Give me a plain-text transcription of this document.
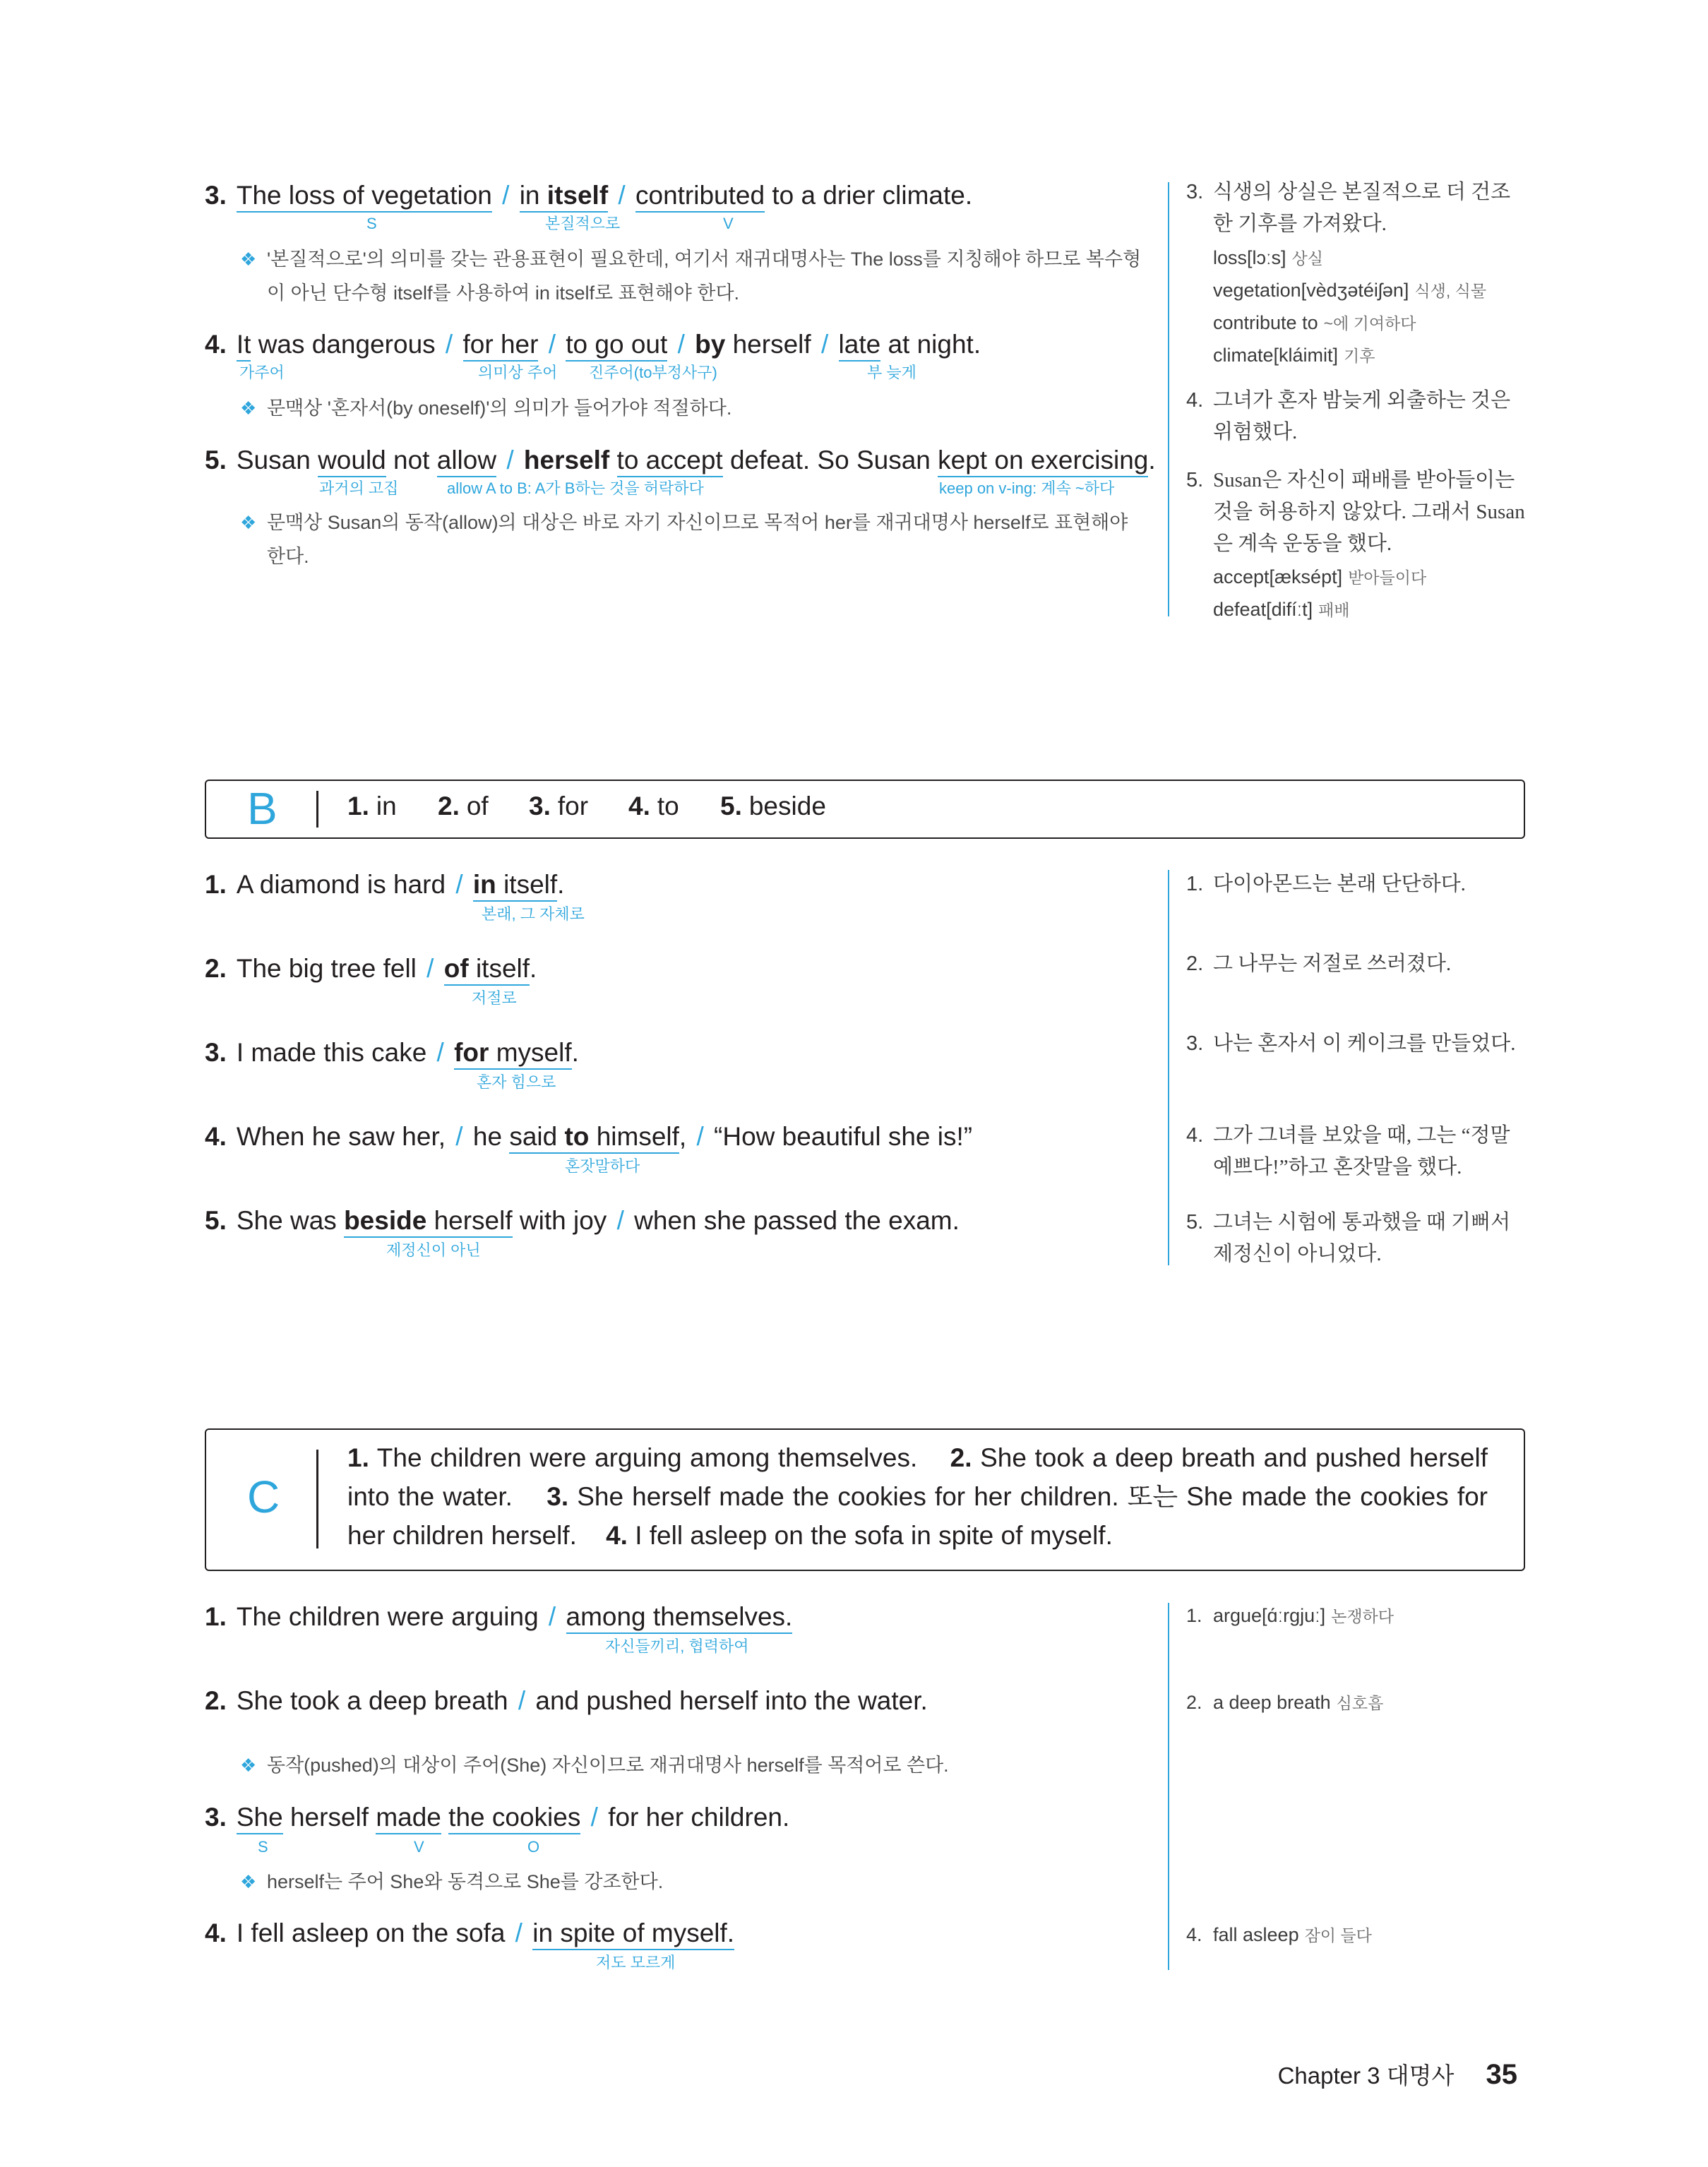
3. The loss of vegetation / in itself / contributed to a drier climate.
S	본질적으로	V
❖ '본질적으로'의 의미를 갖는 관용표현이 필요한데, 여기서 재귀대명사는 The loss를 지칭해야 하므로 복수형이 아닌 단수형 itself를 사용하여 in itself로 표현해야 한다.
4. It was dangerous / for her / to go out / by herself / late at night.
가주어	의미상 주어 진주어(to부정사구)	부 늦게
❖ 문맥상 '혼자서(by oneself)'의 의미가 들어가야 적절하다.
5. Susan would not allow / herself to accept defeat. So Susan kept on exercising.
과거의 고집	allow A to B: A가 B하는 것을 허락하다	keep on v-ing: 계속 ~하다
❖ 문맥상 Susan의 동작(allow)의 대상은 바로 자기 자신이므로 목적어 her를 재귀대명사 herself로 표현해야 한다.
3. 식생의 상실은 본질적으로 더 건조한 기후를 가져왔다.
loss[lɔːs] 상실
vegetation[vèdʒətéiʃən] 식생, 식물
contribute to ~에 기여하다
climate[kláimit] 기후
4. 그녀가 혼자 밤늦게 외출하는 것은 위험했다.
5. Susan은 자신이 패배를 받아들이는 것을 허용하지 않았다. 그래서 Susan은 계속 운동을 했다.
accept[æksépt] 받아들이다
defeat[difíːt] 패배
B	1. in 2. of 3. for 4. to 5. beside
1. A diamond is hard / in itself.
본래, 그 자체로
2. The big tree fell / of itself.
저절로
3. I made this cake / for myself.
혼자 힘으로
4. When he saw her, / he said to himself, / “How beautiful she is!”
혼잣말하다
5. She was beside herself with joy / when she passed the exam.
제정신이 아닌
1. 다이아몬드는 본래 단단하다.
2. 그 나무는 저절로 쓰러졌다.
3. 나는 혼자서 이 케이크를 만들었다.
4. 그가 그녀를 보았을 때, 그는 “정말 예쁘다!”하고 혼잣말을 했다.
5. 그녀는 시험에 통과했을 때 기뻐서 제정신이 아니었다.
C
1. The children were arguing among themselves. 2. She took a deep breath and pushed herself into the water. 3. She herself made the cookies for her children. 또는 She made the cookies for her children herself. 4. I fell asleep on the sofa in spite of myself.
1. The children were arguing / among themselves.
자신들끼리, 협력하여
2. She took a deep breath / and pushed herself into the water.
❖ 동작(pushed)의 대상이 주어(She) 자신이므로 재귀대명사 herself를 목적어로 쓴다.
3. She herself made the cookies / for her children.
S	V	O
❖ herself는 주어 She와 동격으로 She를 강조한다.
4. I fell asleep on the sofa / in spite of myself.
저도 모르게
1. argue[ɑ́ːrgjuː] 논쟁하다
2. a deep breath 심호흡
4. fall asleep 잠이 들다
Chapter 3 대명사 35
